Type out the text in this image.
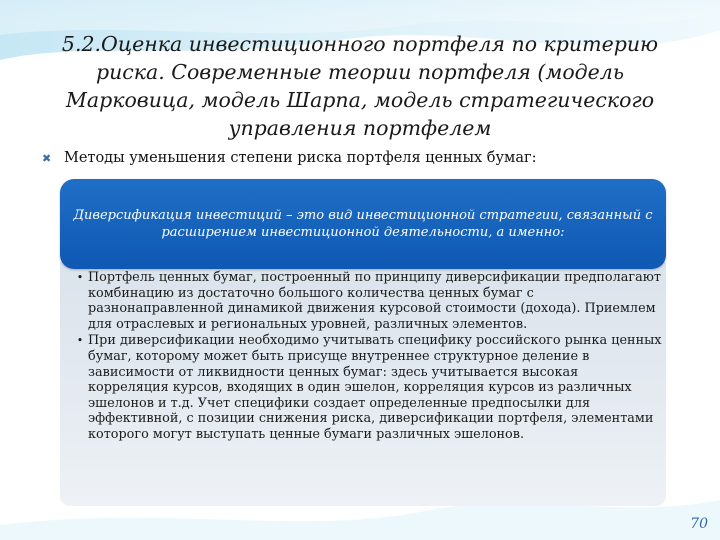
5.2.Оценка инвестиционного портфеля по критерию риска. Современные теории портфеля (модель Марковица, модель Шарпа, модель стратегического управления портфелем
✖ Методы уменьшения степени риска портфеля ценных бумаг:
Диверсификация инвестиций – это вид инвестиционной стратегии, связанный с расширением инвестиционной деятельности, а именно:
• Портфель ценных бумаг, построенный по принципу диверсификации предполагают комбинацию из достаточно большого количества ценных бумаг с разнонаправленной динамикой движения курсовой стоимости (дохода). Приемлем для отраслевых и региональных уровней, различных элементов.
• При диверсификации необходимо учитывать специфику российского рынка ценных бумаг, которому может быть присуще внутреннее структурное деление в зависимости от ликвидности ценных бумаг: здесь учитывается высокая корреляция курсов, входящих в один эшелон, корреляция курсов из различных эшелонов и т.д. Учет специфики создает определенные предпосылки для эффективной, с позиции снижения риска, диверсификации портфеля, элементами которого могут выступать ценные бумаги различных эшелонов.
70
